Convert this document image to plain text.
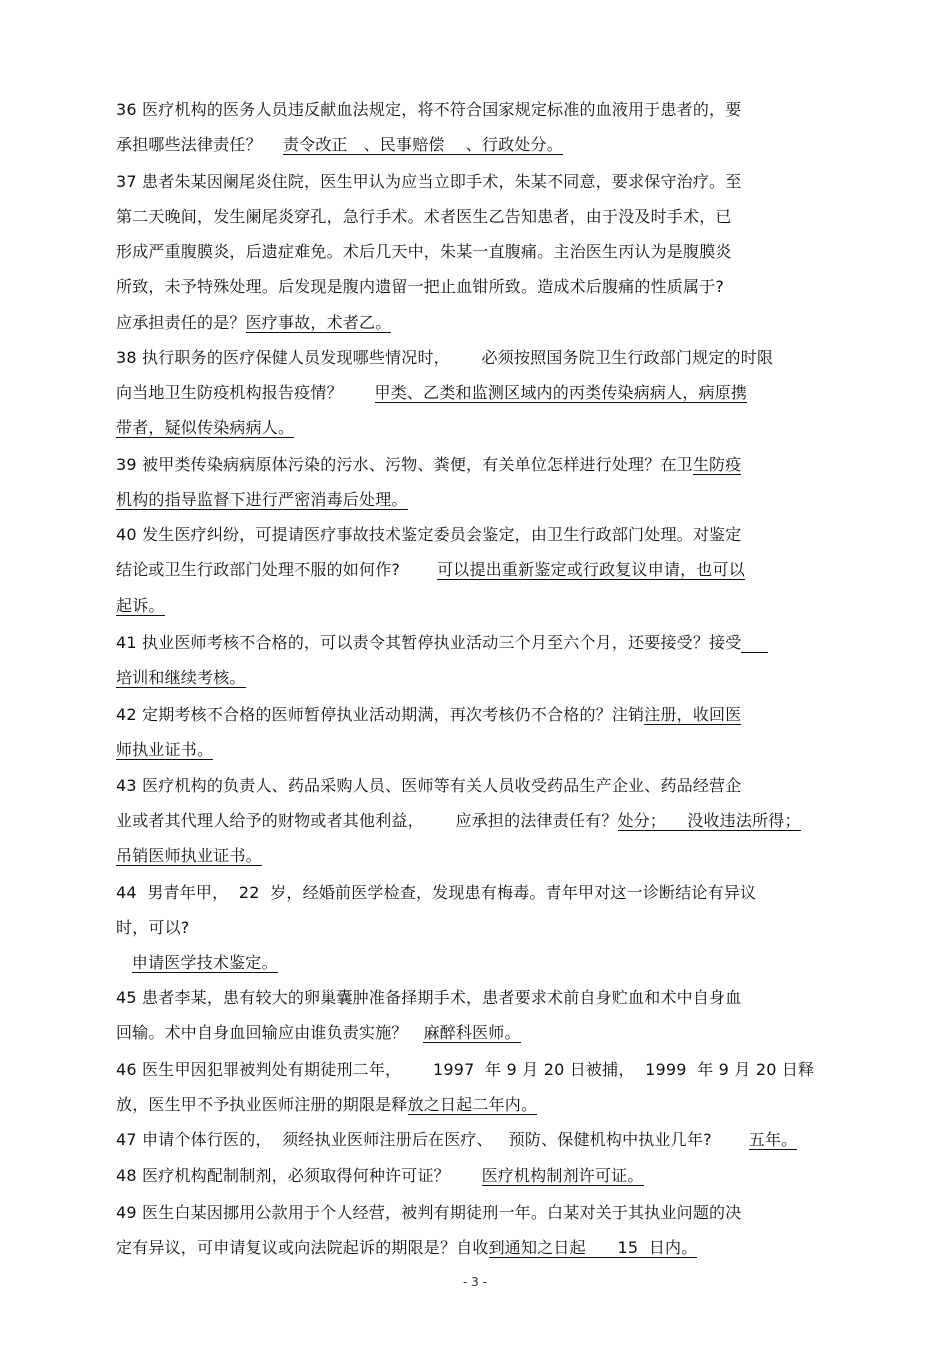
36 医疗机构的医务人员违反献血法规定，将不符合国家规定标准的血液用于患者的，要
承担哪些法律责任？    责令改正   、民事赔偿    、行政处分。
37 患者朱某因阑尾炎住院，医生甲认为应当立即手术，朱某不同意，要求保守治疗。至
第二天晚间，发生阑尾炎穿孔，急行手术。术者医生乙告知患者，由于没及时手术，已
形成严重腹膜炎，后遗症难免。术后几天中，朱某一直腹痛。主治医生丙认为是腹膜炎
所致，未予特殊处理。后发现是腹内遗留一把止血钳所致。造成术后腹痛的性质属于?
应承担责任的是？医疗事故，术者乙。
38 执行职务的医疗保健人员发现哪些情况时，      必须按照国务院卫生行政部门规定的时限
向当地卫生防疫机构报告疫情？      甲类、乙类和监测区域内的丙类传染病病人，病原携
带者，疑似传染病病人。
39 被甲类传染病病原体污染的污水、污物、粪便，有关单位怎样进行处理？在卫生防疫
机构的指导监督下进行严密消毒后处理。
40 发生医疗纠纷，可提请医疗事故技术鉴定委员会鉴定，由卫生行政部门处理。对鉴定
结论或卫生行政部门处理不服的如何作?       可以提出重新鉴定或行政复议申请，也可以
起诉。
41 执业医师考核不合格的，可以责令其暂停执业活动三个月至六个月，还要接受？接受
培训和继续考核。
42 定期考核不合格的医师暂停执业活动期满，再次考核仍不合格的？注销注册，收回医
师执业证书。
43 医疗机构的负责人、药品采购人员、医师等有关人员收受药品生产企业、药品经营企
业或者其代理人给予的财物或者其他利益，      应承担的法律责任有？处分；    没收违法所得；
吊销医师执业证书。
44  男青年甲，  22  岁，经婚前医学检查，发现患有梅毒。青年甲对这一诊断结论有异议
时，可以?
申请医学技术鉴定。
45 患者李某，患有较大的卵巢囊肿准备择期手术，患者要求术前自身贮血和术中自身血
回输。术中自身血回输应由谁负责实施？   麻醉科医师。
46 医生甲因犯罪被判处有期徒刑二年，      1997  年 9 月 20 日被捕，  1999  年 9 月 20 日释
放，医生甲不予执业医师注册的期限是释放之日起二年内。
47 申请个体行医的，  须经执业医师注册后在医疗、   预防、保健机构中执业几年?       五年。
48 医疗机构配制制剂，必须取得何种许可证？      医疗机构制剂许可证。
49 医生白某因挪用公款用于个人经营，被判有期徒刑一年。白某对关于其执业问题的决
定有异议，可申请复议或向法院起诉的期限是？自收到通知之日起      15  日内。
- 3 -
